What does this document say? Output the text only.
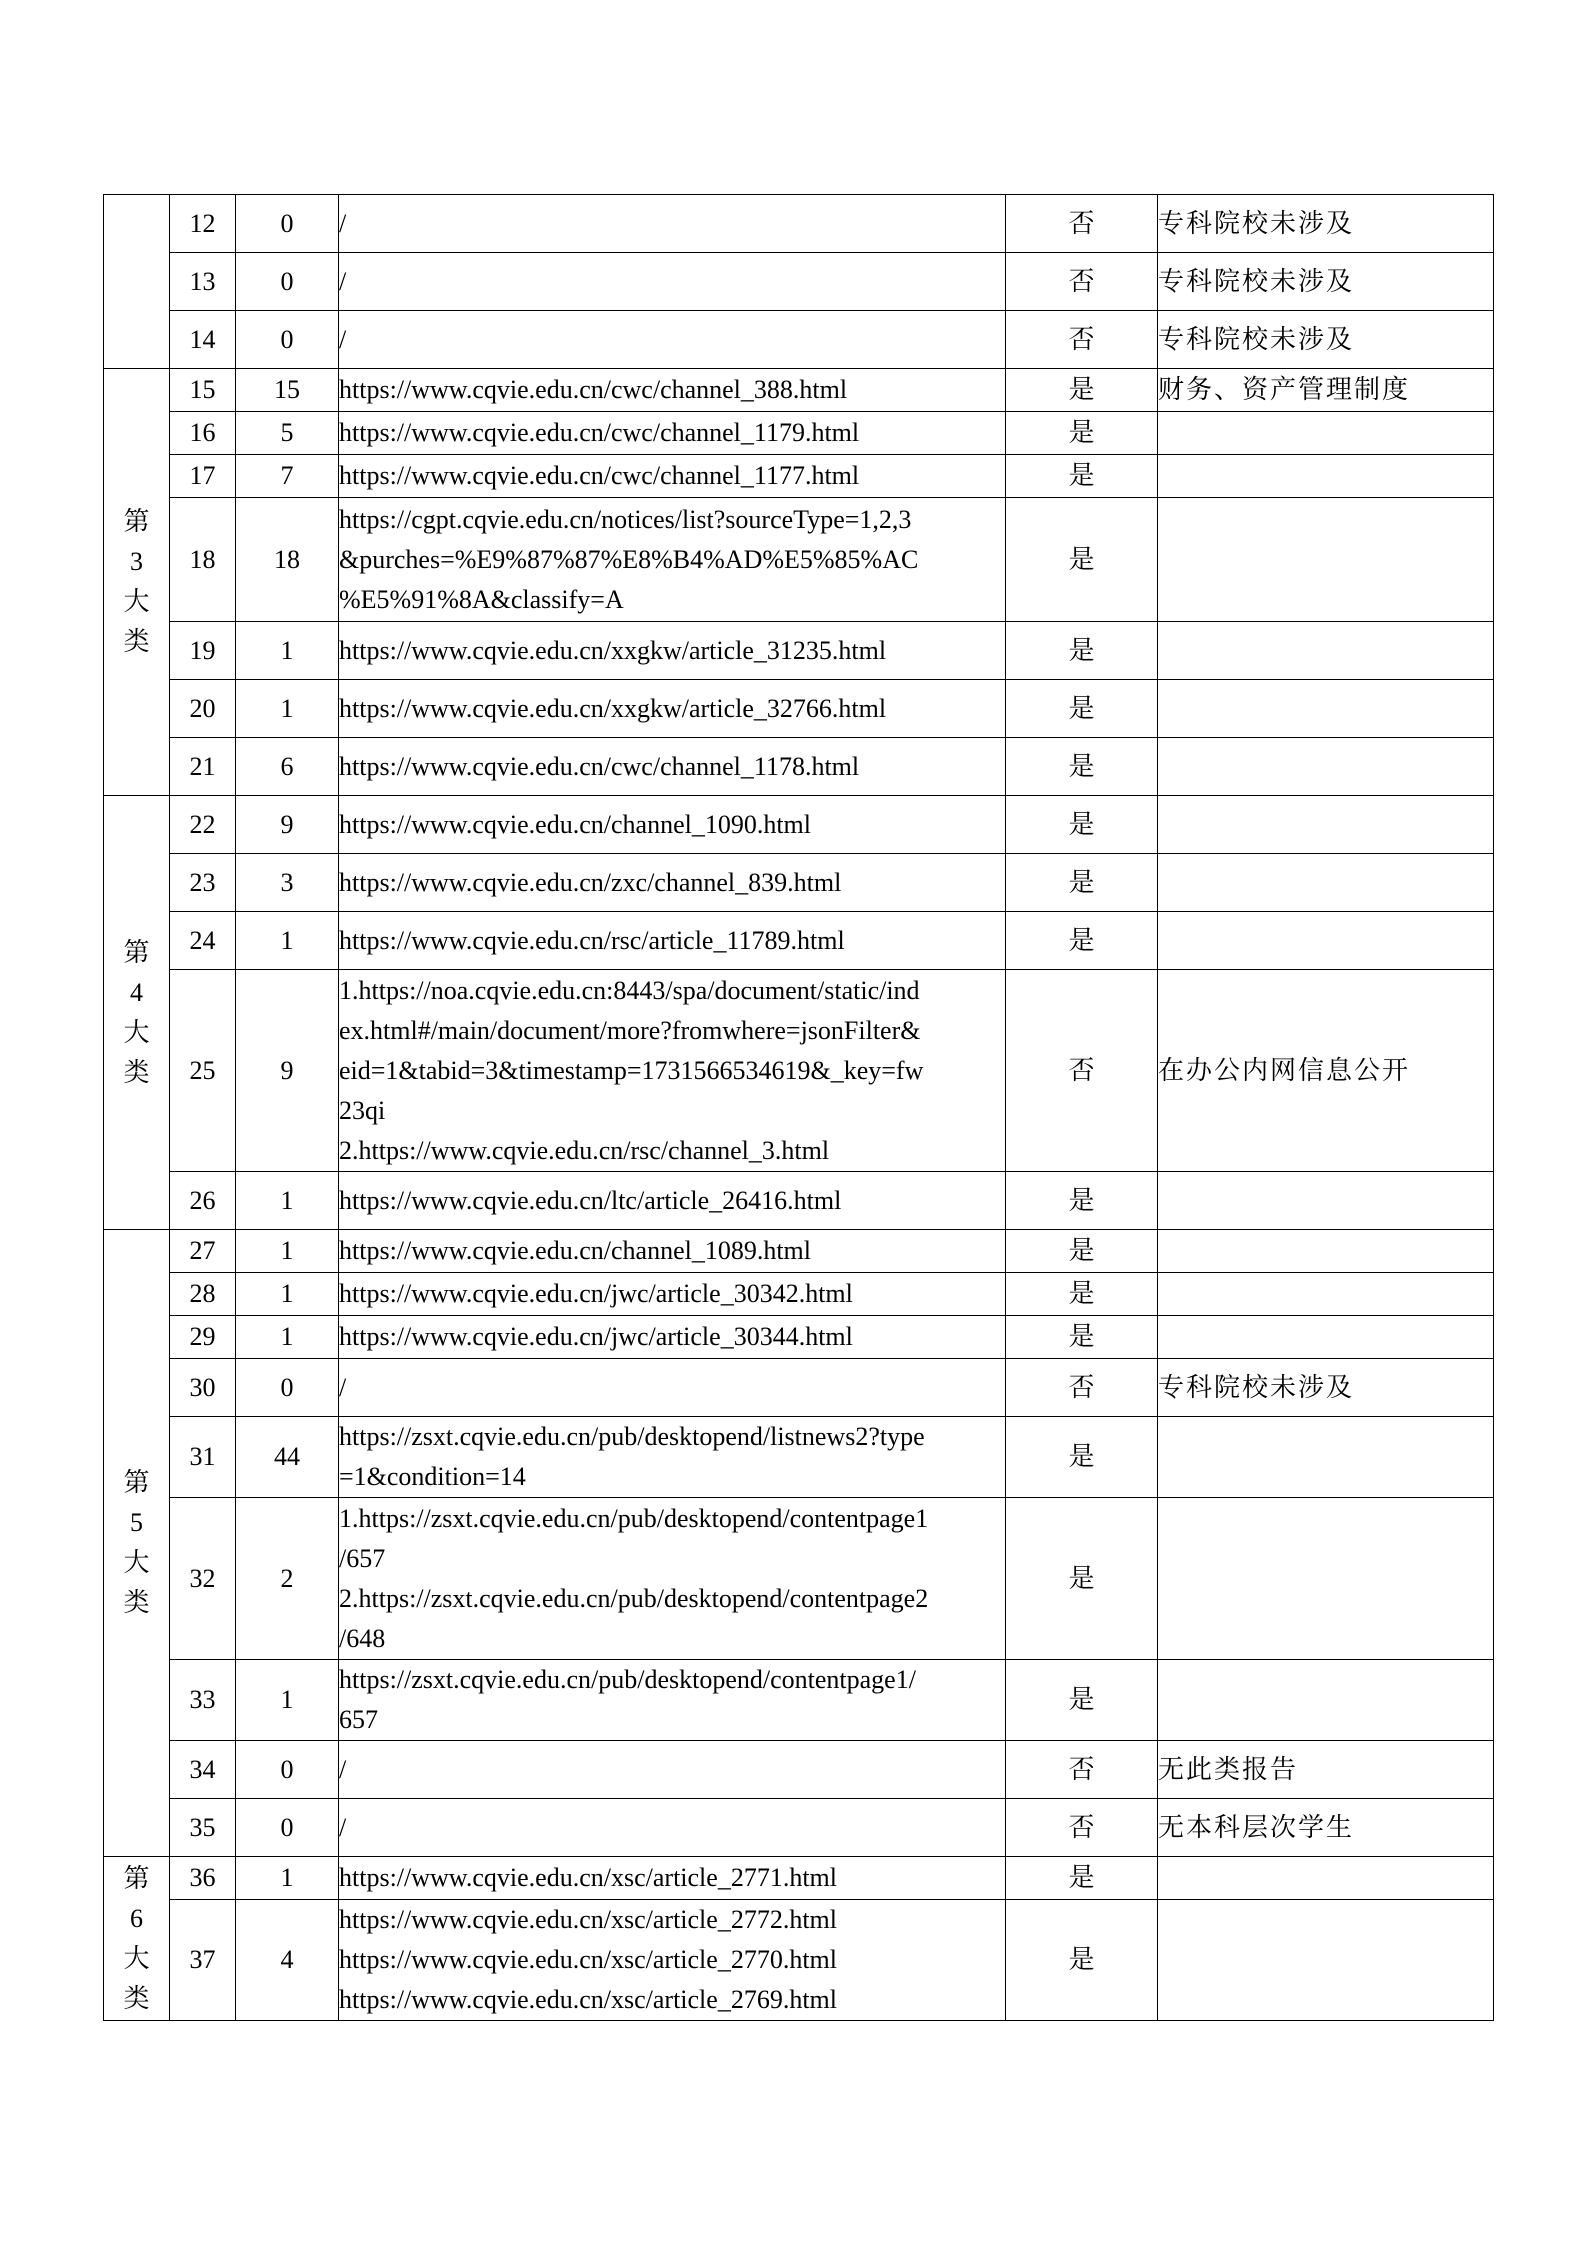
	12	0	/	否	专科院校未涉及
	13	0	/	否	专科院校未涉及
	14	0	/	否	专科院校未涉及

第
3
大
类	15	15	https://www.cqvie.edu.cn/cwc/channel_388.html	是	财务、资产管理制度
	16	5	https://www.cqvie.edu.cn/cwc/channel_1179.html	是	
	17	7	https://www.cqvie.edu.cn/cwc/channel_1177.html	是	
	18	18	https://cgpt.cqvie.edu.cn/notices/list?sourceType=1,2,3
&purches=%E9%87%87%E8%B4%AD%E5%85%AC
%E5%91%8A&classify=A	是	
	19	1	https://www.cqvie.edu.cn/xxgkw/article_31235.html	是	
	20	1	https://www.cqvie.edu.cn/xxgkw/article_32766.html	是	
	21	6	https://www.cqvie.edu.cn/cwc/channel_1178.html	是	

第
4
大
类	22	9	https://www.cqvie.edu.cn/channel_1090.html	是	
	23	3	https://www.cqvie.edu.cn/zxc/channel_839.html	是	
	24	1	https://www.cqvie.edu.cn/rsc/article_11789.html	是	
	25	9	1.https://noa.cqvie.edu.cn:8443/spa/document/static/ind
ex.html#/main/document/more?fromwhere=jsonFilter&
eid=1&tabid=3&timestamp=1731566534619&_key=fw
23qi
2.https://www.cqvie.edu.cn/rsc/channel_3.html	否	在办公内网信息公开
	26	1	https://www.cqvie.edu.cn/ltc/article_26416.html	是	

第
5
大
类	27	1	https://www.cqvie.edu.cn/channel_1089.html	是	
	28	1	https://www.cqvie.edu.cn/jwc/article_30342.html	是	
	29	1	https://www.cqvie.edu.cn/jwc/article_30344.html	是	
	30	0	/	否	专科院校未涉及
	31	44	https://zsxt.cqvie.edu.cn/pub/desktopend/listnews2?type
=1&condition=14	是	
	32	2	1.https://zsxt.cqvie.edu.cn/pub/desktopend/contentpage1
/657
2.https://zsxt.cqvie.edu.cn/pub/desktopend/contentpage2
/648	是	
	33	1	https://zsxt.cqvie.edu.cn/pub/desktopend/contentpage1/
657	是	
	34	0	/	否	无此类报告
	35	0	/	否	无本科层次学生

第
6
大
类	36	1	https://www.cqvie.edu.cn/xsc/article_2771.html	是	
	37	4	https://www.cqvie.edu.cn/xsc/article_2772.html
https://www.cqvie.edu.cn/xsc/article_2770.html
https://www.cqvie.edu.cn/xsc/article_2769.html	是	
